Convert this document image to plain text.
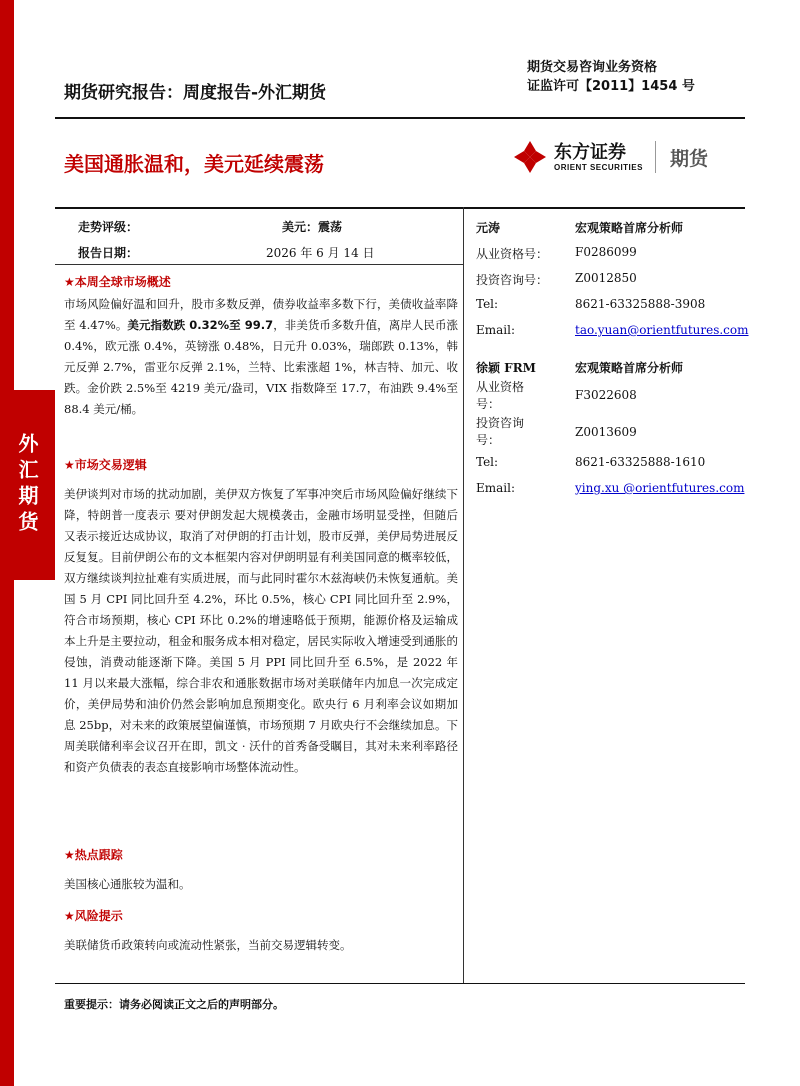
外汇期货
期货研究报告：周度报告-外汇期货
期货交易咨询业务资格
证监许可【2011】1454 号
美国通胀温和，美元延续震荡	东方证券
ORIENT SECURITIES 期货
走势评级：	美元：震荡
报告日期：	2026 年 6 月 14 日
★本周全球市场概述
市场风险偏好温和回升，股市多数反弹，债券收益率多数下行，美债收益率降至 4.47%。美元指数跌 0.32%至 99.7，非美货币多数升值，离岸人民币涨 0.4%，欧元涨 0.4%，英镑涨 0.48%，日元升 0.03%，瑞郎跌 0.13%，韩元反弹 2.7%，雷亚尔反弹 2.1%，兰特、比索涨超 1%，林吉特、加元、收跌。金价跌 2.5%至 4219 美元/盎司，VIX 指数降至 17.7，布油跌 9.4%至 88.4 美元/桶。
★市场交易逻辑
美伊谈判对市场的扰动加剧，美伊双方恢复了军事冲突后市场风险偏好继续下降，特朗普一度表示 要对伊朗发起大规模袭击，金融市场明显受挫，但随后又表示接近达成协议，取消了对伊朗的打击计划，股市反弹，美伊局势进展反反复复。目前伊朗公布的文本框架内容对伊朗明显有利美国同意的概率较低，双方继续谈判拉扯难有实质进展，而与此同时霍尔木兹海峡仍未恢复通航。美国 5 月 CPI 同比回升至 4.2%，环比 0.5%，核心 CPI 同比回升至 2.9%，符合市场预期，核心 CPI 环比 0.2%的增速略低于预期，能源价格及运输成本上升是主要拉动，租金和服务成本相对稳定，居民实际收入增速受到通胀的侵蚀，消费动能逐渐下降。美国 5 月 PPI 同比回升至 6.5%，是 2022 年 11 月以来最大涨幅，综合非农和通胀数据市场对美联储年内加息一次完成定价，美伊局势和油价仍然会影响加息预期变化。欧央行 6 月利率会议如期加息 25bp，对未来的政策展望偏谨慎，市场预期 7 月欧央行不会继续加息。下周美联储利率会议召开在即，凯文 · 沃什的首秀备受瞩目，其对未来利率路径和资产负债表的表态直接影响市场整体流动性。
★热点跟踪
美国核心通胀较为温和。
★风险提示
美联储货币政策转向或流动性紧张，当前交易逻辑转变。
元涛	宏观策略首席分析师
从业资格号： F0286099
投资咨询号： Z0012850
Tel:	8621-63325888-3908
Email:	tao.yuan@orientfutures.com
徐颖 FRM	宏观策略首席分析师
从业资格
号：
F3022608
投资咨询
号：
Z0013609
Tel:	8621-63325888-1610
Email:	ying.xu @orientfutures.com
重要提示：请务必阅读正文之后的声明部分。
